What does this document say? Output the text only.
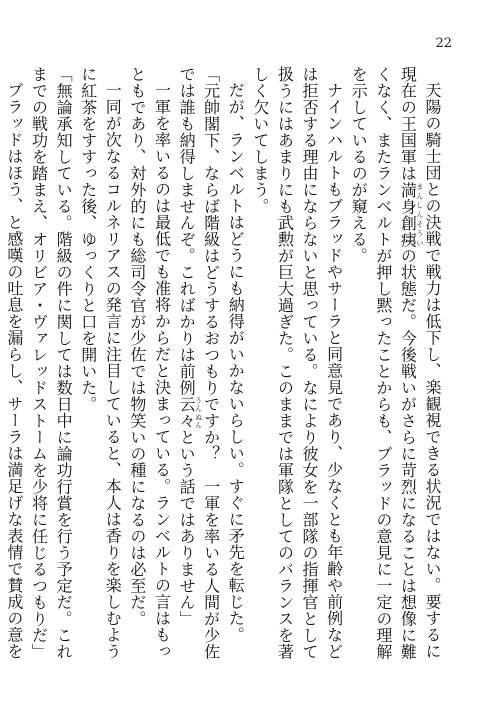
22

天陽の騎士団との決戦で戦力は低下し、楽観視できる状況ではない。要するに現在の王国軍は満身創痍まんしんそういの状態だ。今後戦いがさらに苛烈になることは想像に難くなく、またランベルトが押し黙ったことからも、ブラッドの意見に一定の理解を示しているのが窺える。

ナインハルトもブラッドやサーラと同意見であり、少なくとも年齢や前例などは拒否する理由にならないと思っている。なにより彼女を一部隊の指揮官として扱うにはあまりにも武勲が巨大過ぎた。このままでは軍隊としてのバランスを著しく欠いてしまう。

だが、ランベルトはどうにも納得がいかないらしい。すぐに矛先を転じた。

「元帥閣下、ならば階級はどうするおつもりですか？　一軍を率いる人間が少佐では誰も納得しませんぞ。こればかりは前例云々うんぬんという話ではありません」

一軍を率いるのは最低でも准将からだと決まっている。ランベルトの言はもっともであり、対外的にも総司令官が少佐では物笑いの種になるのは必至だ。

一同が次なるコルネリアスの発言に注目していると、本人は香りを楽しむように紅茶をすすった後、ゆっくりと口を開いた。

「無論承知している。階級の件に関しては数日中に論功行賞を行う予定だ。これまでの戦功を踏まえ、オリビア・ヴァレッドストームを少将に任じるつもりだ」

ブラッドはほう、と感嘆の吐息を漏らし、サーラは満足げな表情で賛成の意を
